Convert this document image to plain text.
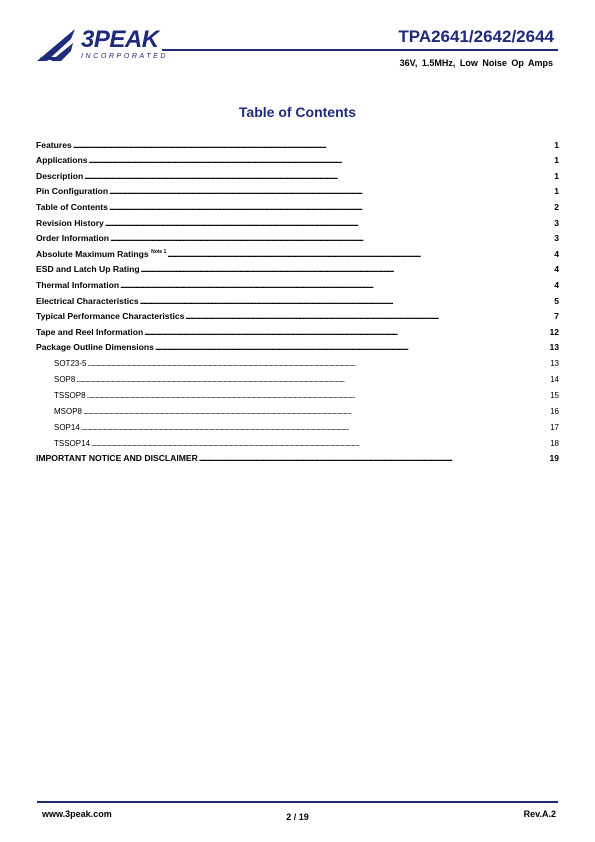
3PEAK
INCORPORATED
TPA2641/2642/2644
36V, 1.5MHz, Low Noise Op Amps
Table of Contents
Features . . .	1
Applications . . .	1
Description . . .	1
Pin Configuration . . .	1
Table of Contents . . .	2
Revision History . . .	3
Order Information . . .	3
Absolute Maximum Ratings $^{Note 1}$ . . .	4
ESD and Latch Up Rating . . .	4
Thermal Information . . .	4
Electrical Characteristics . . .	5
Typical Performance Characteristics . . .	7
Tape and Reel Information . . .	12
Package Outline Dimensions . . .	13
SOT23-5 . . .	13
SOP8 . . .	14
TSSOP8 . . .	15
MSOP8 . . .	16
SOP14 . . .	17
TSSOP14 . . .	18
IMPORTANT NOTICE AND DISCLAIMER . . .	19
www.3peak.com	2 / 19	Rev.A.2
